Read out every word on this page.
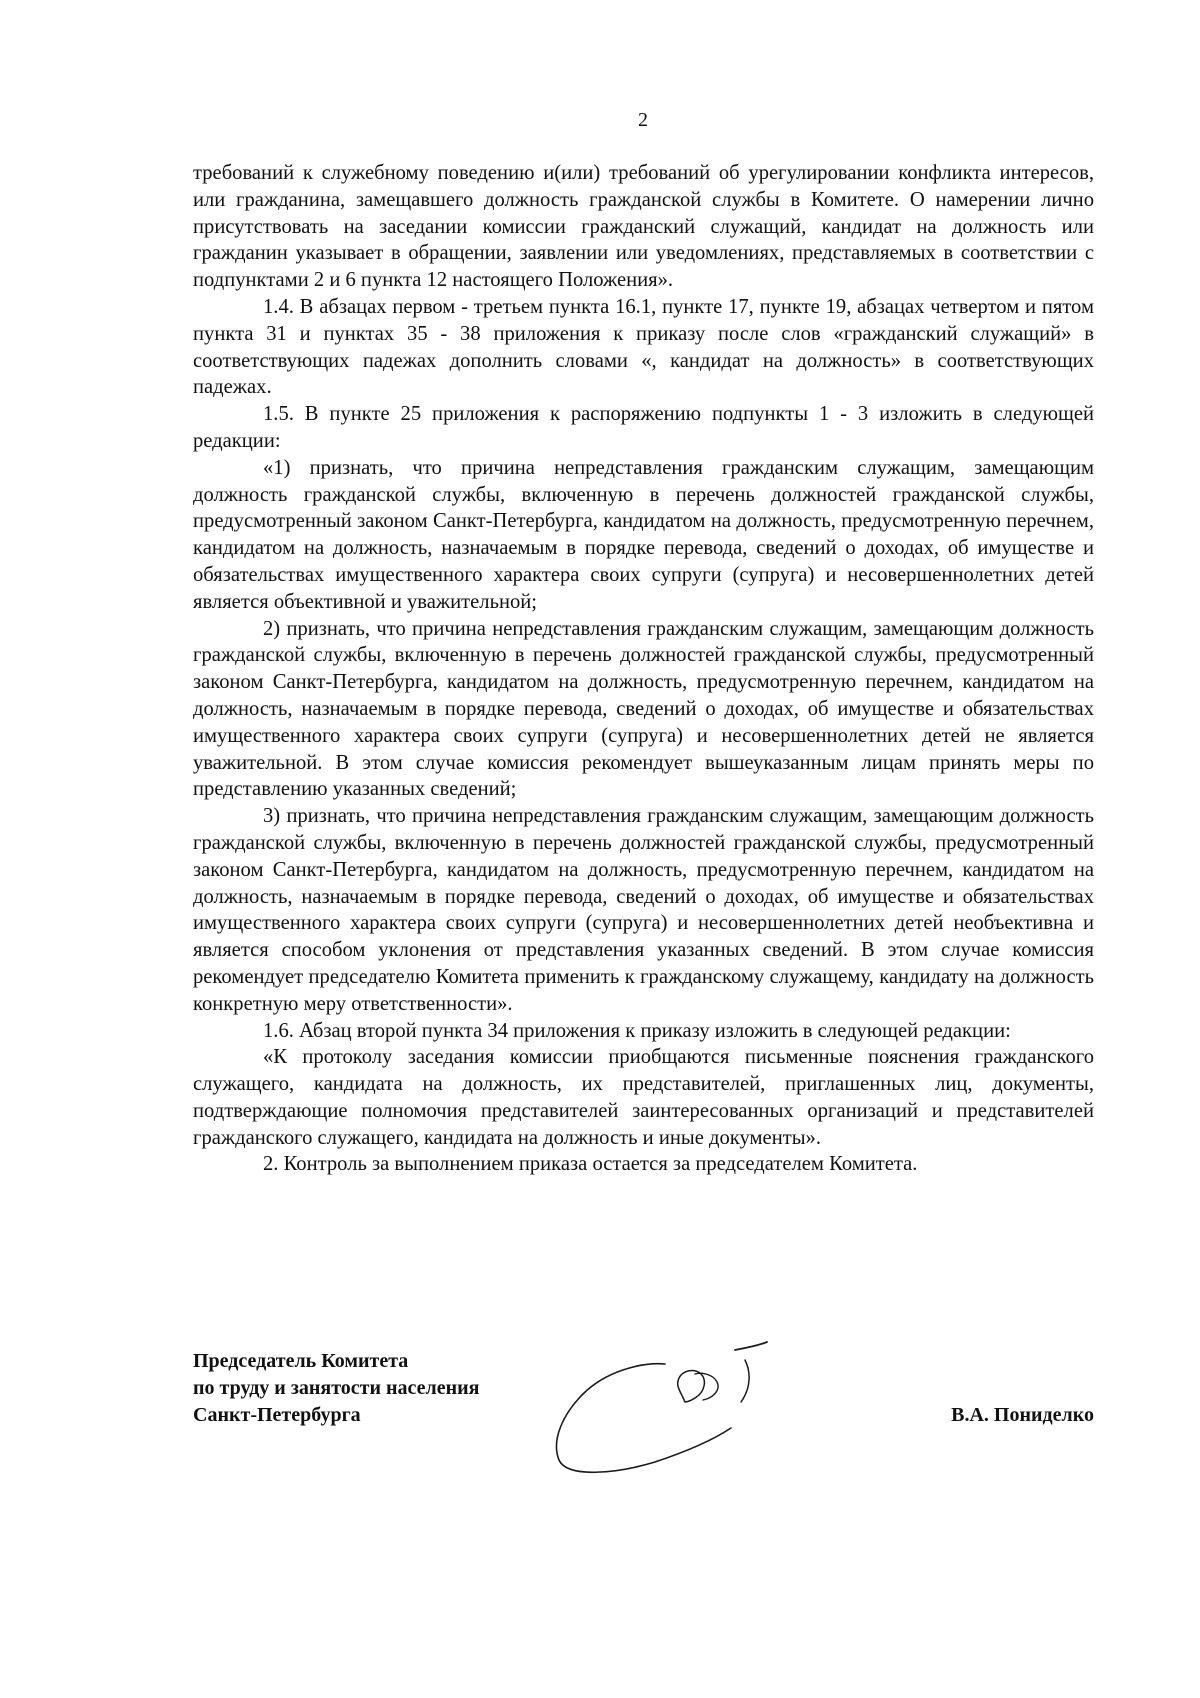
2

требований к служебному поведению и(или) требований об урегулировании конфликта интересов, или гражданина, замещавшего должность гражданской службы в Комитете. О намерении лично присутствовать на заседании комиссии гражданский служащий, кандидат на должность или гражданин указывает в обращении, заявлении или уведомлениях, представляемых в соответствии с подпунктами 2 и 6 пункта 12 настоящего Положения».

1.4. В абзацах первом - третьем пункта 16.1, пункте 17, пункте 19, абзацах четвертом и пятом пункта 31 и пунктах 35 - 38 приложения к приказу после слов «гражданский служащий» в соответствующих падежах дополнить словами «, кандидат на должность» в соответствующих падежах.

1.5. В пункте 25 приложения к распоряжению подпункты 1 - 3 изложить в следующей редакции:

«1) признать, что причина непредставления гражданским служащим, замещающим должность гражданской службы, включенную в перечень должностей гражданской службы, предусмотренный законом Санкт-Петербурга, кандидатом на должность, предусмотренную перечнем, кандидатом на должность, назначаемым в порядке перевода, сведений о доходах, об имуществе и обязательствах имущественного характера своих супруги (супруга) и несовершеннолетних детей является объективной и уважительной;

2) признать, что причина непредставления гражданским служащим, замещающим должность гражданской службы, включенную в перечень должностей гражданской службы, предусмотренный законом Санкт-Петербурга, кандидатом на должность, предусмотренную перечнем, кандидатом на должность, назначаемым в порядке перевода, сведений о доходах, об имуществе и обязательствах имущественного характера своих супруги (супруга) и несовершеннолетних детей не является уважительной. В этом случае комиссия рекомендует вышеуказанным лицам принять меры по представлению указанных сведений;

3) признать, что причина непредставления гражданским служащим, замещающим должность гражданской службы, включенную в перечень должностей гражданской службы, предусмотренный законом Санкт-Петербурга, кандидатом на должность, предусмотренную перечнем, кандидатом на должность, назначаемым в порядке перевода, сведений о доходах, об имуществе и обязательствах имущественного характера своих супруги (супруга) и несовершеннолетних детей необъективна и является способом уклонения от представления указанных сведений. В этом случае комиссия рекомендует председателю Комитета применить к гражданскому служащему, кандидату на должность конкретную меру ответственности».

1.6. Абзац второй пункта 34 приложения к приказу изложить в следующей редакции:

«К протоколу заседания комиссии приобщаются письменные пояснения гражданского служащего, кандидата на должность, их представителей, приглашенных лиц, документы, подтверждающие полномочия представителей заинтересованных организаций и представителей гражданского служащего, кандидата на должность и иные документы».

2. Контроль за выполнением приказа остается за председателем Комитета.

Председатель Комитета
по труду и занятости населения
Санкт-Петербурга	В.А. Пониделко
